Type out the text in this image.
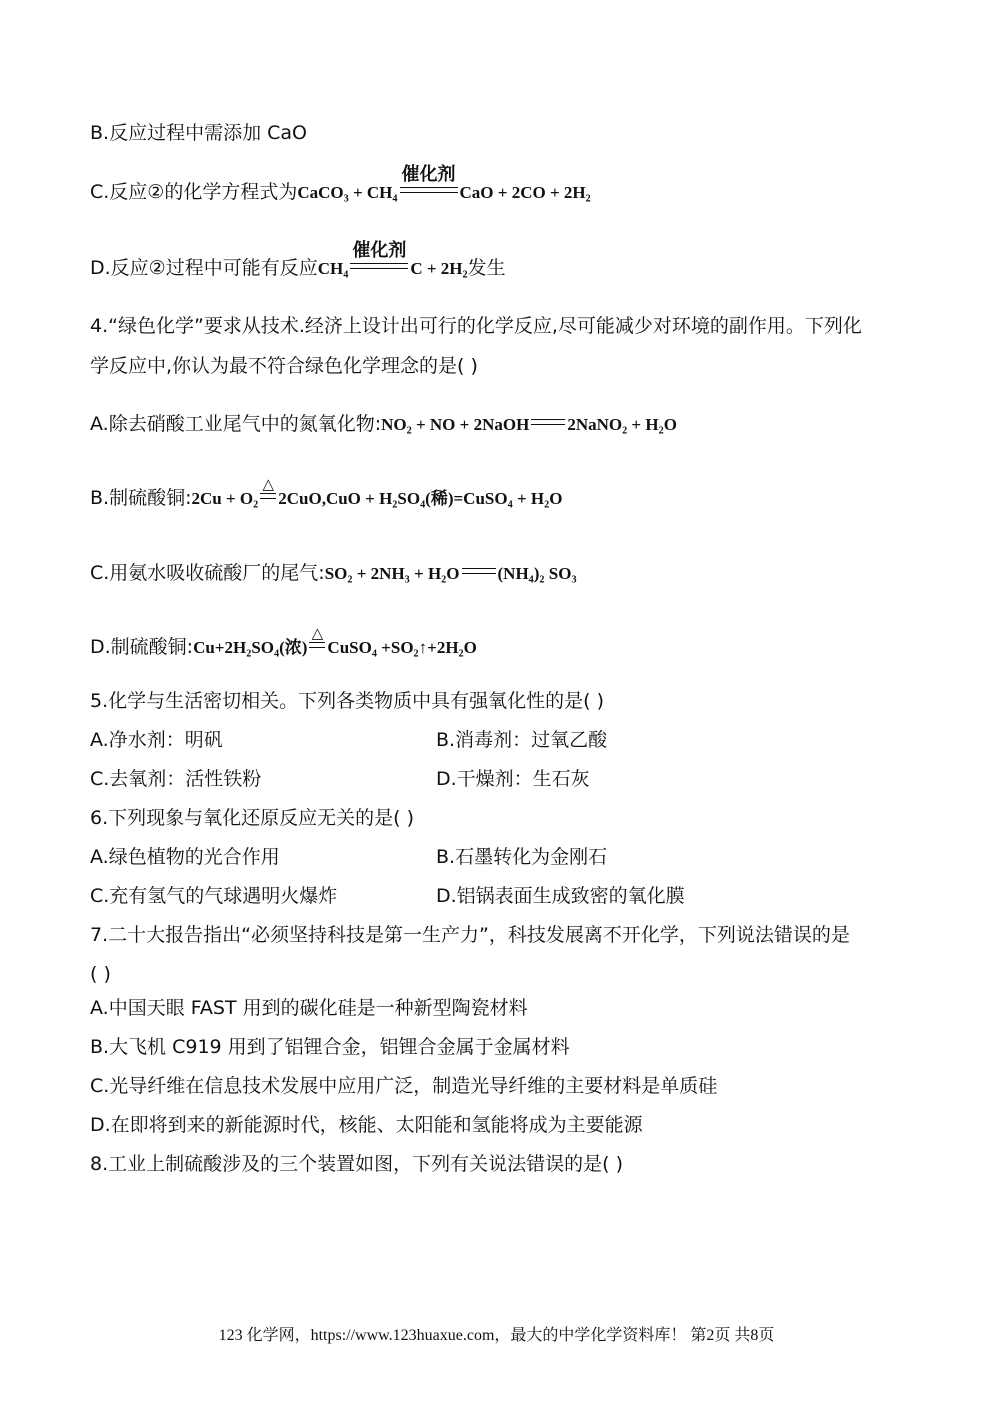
B.反应过程中需添加 CaO
C.反应②的化学方程式为CaCO₃ + CH₄
催化剂
CaO + 2CO + 2H₂
D.反应②过程中可能有反应CH₄
催化剂
C + 2H₂发生
4.“绿色化学”要求从技术.经济上设计出可行的化学反应,尽可能减少对环境的副作用。下列化
学反应中,你认为最不符合绿色化学理念的是( )
A.除去硝酸工业尾气中的氮氧化物:NO₂ + NO + 2NaOH 2NaNO₂ + H₂O
B.制硫酸铜:2Cu + O₂
△
2CuO,CuO + H₂SO₄(稀)=CuSO₄ + H₂O
C.用氨水吸收硫酸厂的尾气:SO₂ + 2NH₃ + H₂O (NH₄)₂ SO₃
D.制硫酸铜:Cu+2H₂SO₄(浓)
△
CuSO₄ +SO₂↑+2H₂O
5.化学与生活密切相关。下列各类物质中具有强氧化性的是( )
A.净水剂：明矾	B.消毒剂：过氧乙酸
C.去氧剂：活性铁粉	D.干燥剂：生石灰
6.下列现象与氧化还原反应无关的是( )
A.绿色植物的光合作用	B.石墨转化为金刚石
C.充有氢气的气球遇明火爆炸	D.铝锅表面生成致密的氧化膜
7.二十大报告指出“必须坚持科技是第一生产力”，科技发展离不开化学，下列说法错误的是
( )
A.中国天眼 FAST 用到的碳化硅是一种新型陶瓷材料
B.大飞机 C919 用到了铝锂合金，铝锂合金属于金属材料
C.光导纤维在信息技术发展中应用广泛，制造光导纤维的主要材料是单质硅
D.在即将到来的新能源时代，核能、太阳能和氢能将成为主要能源
8.工业上制硫酸涉及的三个装置如图，下列有关说法错误的是( )
123 化学网，https://www.123huaxue.com，最大的中学化学资料库！ 第2页 共8页
